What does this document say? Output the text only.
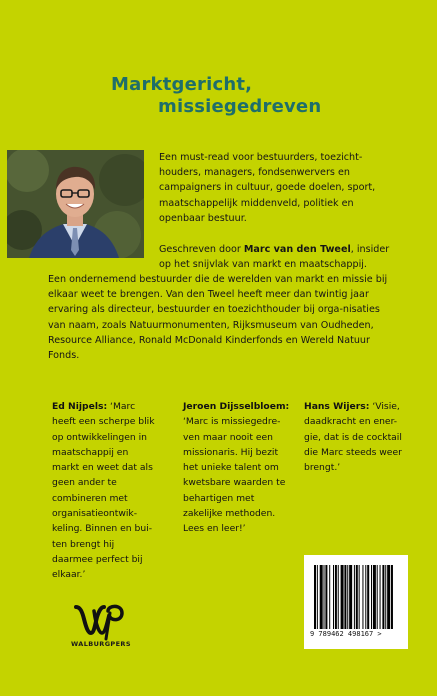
Marktgericht,
missiegedreven
Een must-read voor bestuurders, toezicht-houders, managers, fondsenwervers en campaigners in cultuur, goede doelen, sport, maatschappelijk middenveld, politiek en openbaar bestuur.
Geschreven door Marc van den Tweel, insider op het snijvlak van markt en maatschappij.
Een ondernemend bestuurder die de werelden van markt en missie bij elkaar weet te brengen. Van den Tweel heeft meer dan twintig jaar ervaring als directeur, bestuurder en toezichthouder bij orga-nisaties van naam, zoals Natuurmonumenten, Rijksmuseum van Oudheden, Resource Alliance, Ronald McDonald Kinderfonds en Wereld Natuur Fonds.
Ed Nijpels: ‘Marc heeft een scherpe blik op ontwikkelingen in maatschappij en markt en weet dat als geen ander te combineren met organisatieontwik-keling. Binnen en bui-ten brengt hij daarmee perfect bij elkaar.’
Jeroen Dijsselbloem: ‘Marc is missiegedre-ven maar nooit een missionaris. Hij bezit het unieke talent om kwetsbare waarden te behartigen met zakelijke methoden. Lees en leer!’
Hans Wijers: ‘Visie, daadkracht en ener-gie, dat is de cocktail die Marc steeds weer brengt.’
WALBURGPERS
9 789462 498167 >
